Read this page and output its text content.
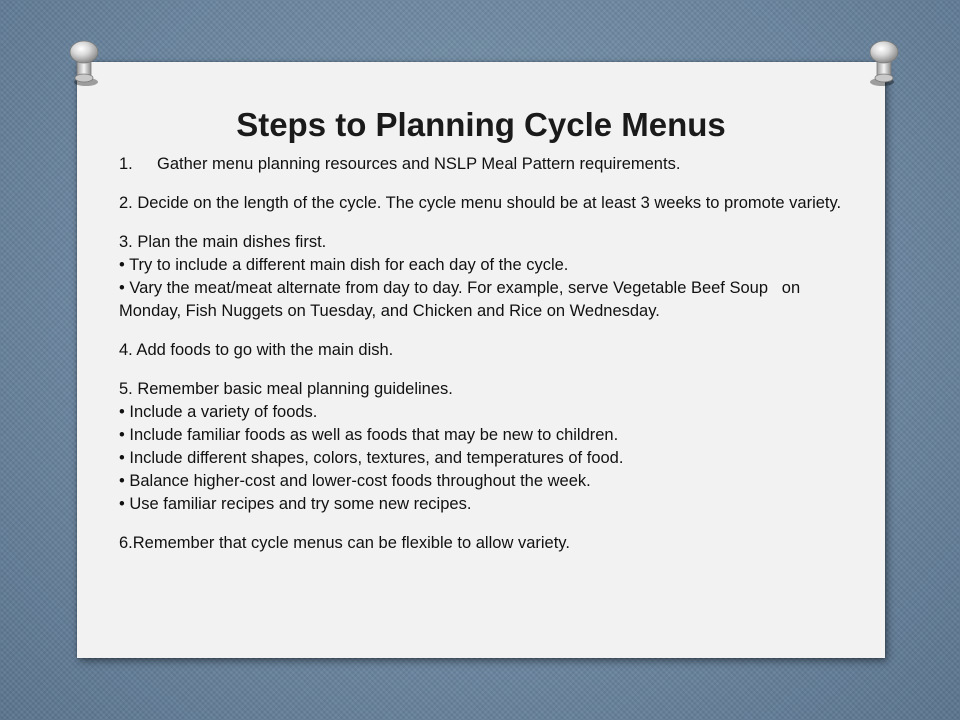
Steps to Planning Cycle Menus
1.	Gather menu planning resources and NSLP Meal Pattern requirements.

2. Decide on the length of the cycle. The cycle menu should be at least 3 weeks to promote variety.

3. Plan the main dishes first.

• Try to include a different main dish for each day of the cycle.

• Vary the meat/meat alternate from day to day. For example, serve Vegetable Beef Soup   on Monday, Fish Nuggets on Tuesday, and Chicken and Rice on Wednesday.

4. Add foods to go with the main dish.

5. Remember basic meal planning guidelines.

• Include a variety of foods.

• Include familiar foods as well as foods that may be new to children.

• Include different shapes, colors, textures, and temperatures of food.

• Balance higher-cost and lower-cost foods throughout the week.

• Use familiar recipes and try some new recipes.

6.Remember that cycle menus can be flexible to allow variety.
